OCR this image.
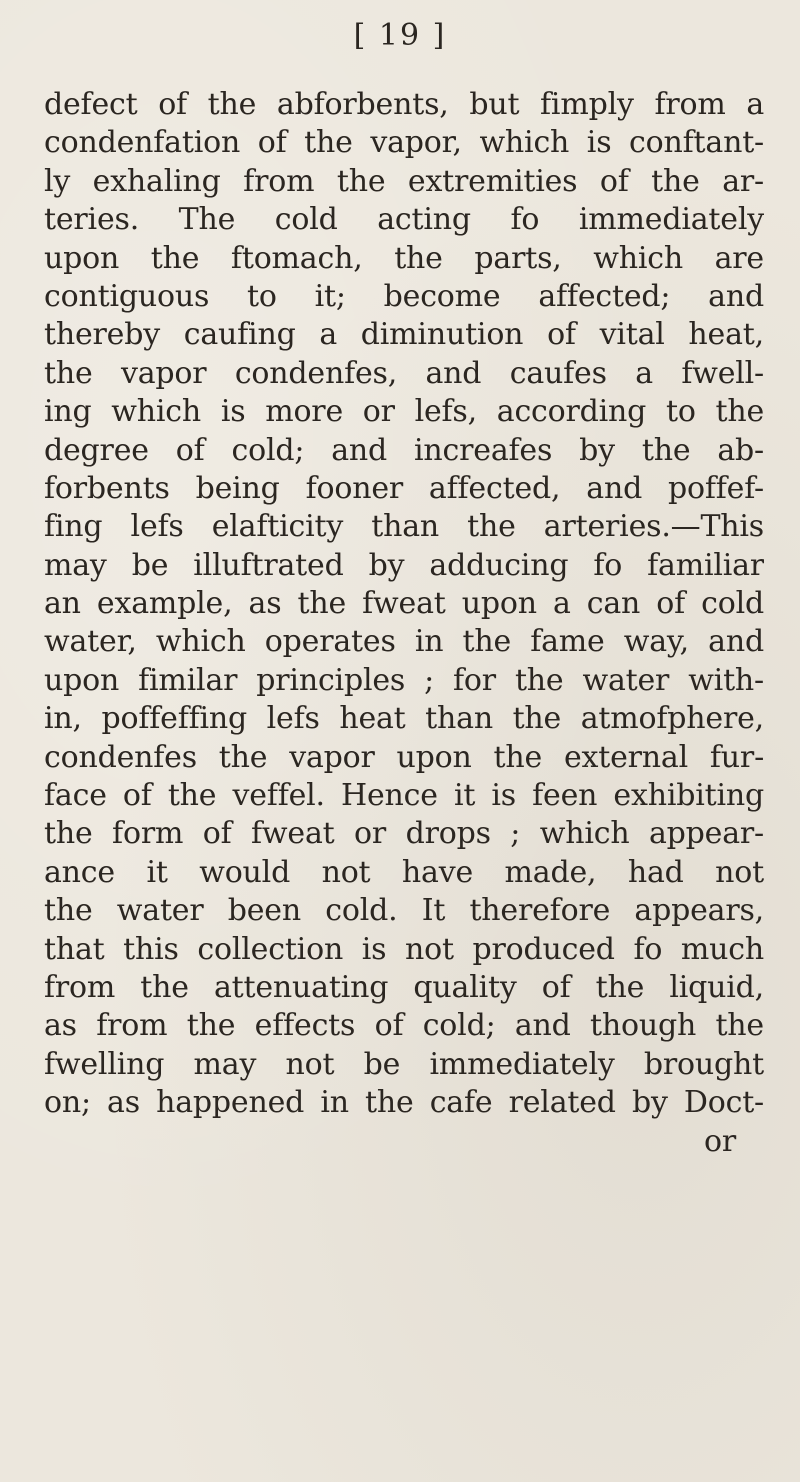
[ 19 ]
defect of the abforbents, but fimply from a
condenfation of the vapor, which is conftant-
ly exhaling from the extremities of the ar-
teries. The cold acting fo immediately
upon the ftomach, the parts, which are
contiguous to it; become affected; and
thereby caufing a diminution of vital heat,
the vapor condenfes, and caufes a fwell-
ing which is more or lefs, according to the
degree of cold; and increafes by the ab-
forbents being fooner affected, and poffef-
fing lefs elafticity than the arteries.—This
may be illuftrated by adducing fo familiar
an example, as the fweat upon a can of cold
water, which operates in the fame way, and
upon fimilar principles ; for the water with-
in, poffeffing lefs heat than the atmofphere,
condenfes the vapor upon the external fur-
face of the veffel. Hence it is feen exhibiting
the form of fweat or drops ; which appear-
ance it would not have made, had not
the water been cold. It therefore appears,
that this collection is not produced fo much
from the attenuating quality of the liquid,
as from the effects of cold; and though the
fwelling may not be immediately brought
on; as happened in the cafe related by Doct-
or
